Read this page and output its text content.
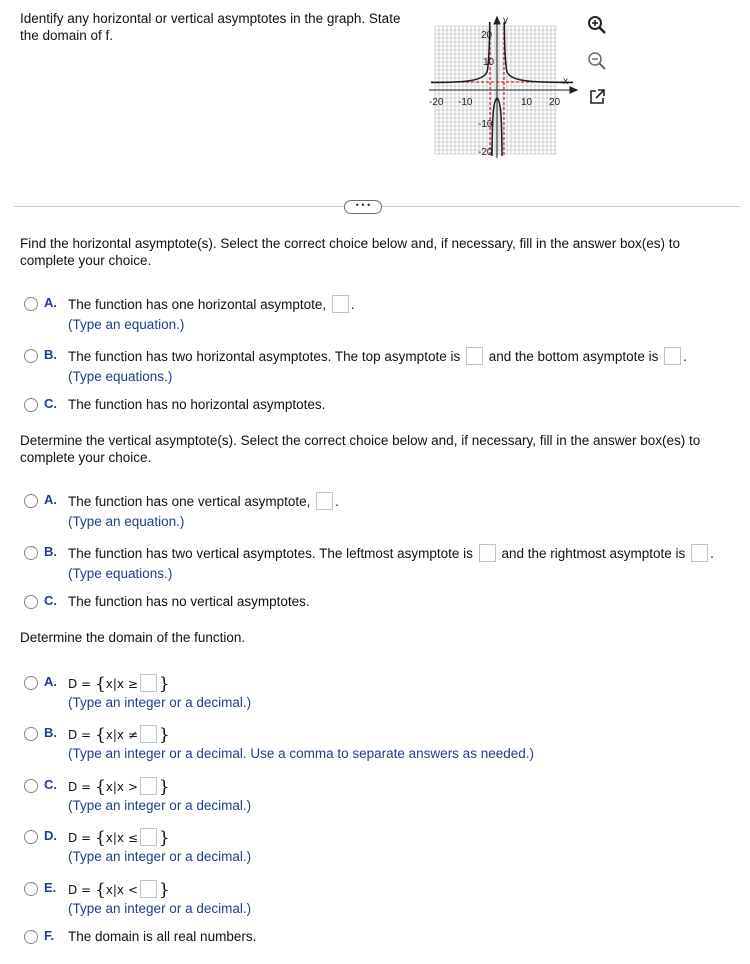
Identify any horizontal or vertical asymptotes in the graph. State
the domain of f.
y
x
20
10
-10
-20
-20 -10	10 20
• • •
Find the horizontal asymptote(s). Select the correct choice below and, if necessary, fill in the answer box(es) to
complete your choice.
A. The function has one horizontal asymptote, .
(Type an equation.)
B. The function has two horizontal asymptotes. The top asymptote is and the bottom asymptote is .
(Type equations.)
C. The function has no horizontal asymptotes.
Determine the vertical asymptote(s). Select the correct choice below and, if necessary, fill in the answer box(es) to
complete your choice.
A. The function has one vertical asymptote, .
(Type an equation.)
B. The function has two vertical asymptotes. The leftmost asymptote is and the rightmost asymptote is .
(Type equations.)
C. The function has no vertical asymptotes.
Determine the domain of the function.
A. D = {x|x ≥ }
(Type an integer or a decimal.)
B. D = {x|x ≠ }
(Type an integer or a decimal. Use a comma to separate answers as needed.)
C. D = {x|x > }
(Type an integer or a decimal.)
D. D = {x|x ≤ }
(Type an integer or a decimal.)
E. D = {x|x < }
(Type an integer or a decimal.)
F. The domain is all real numbers.
